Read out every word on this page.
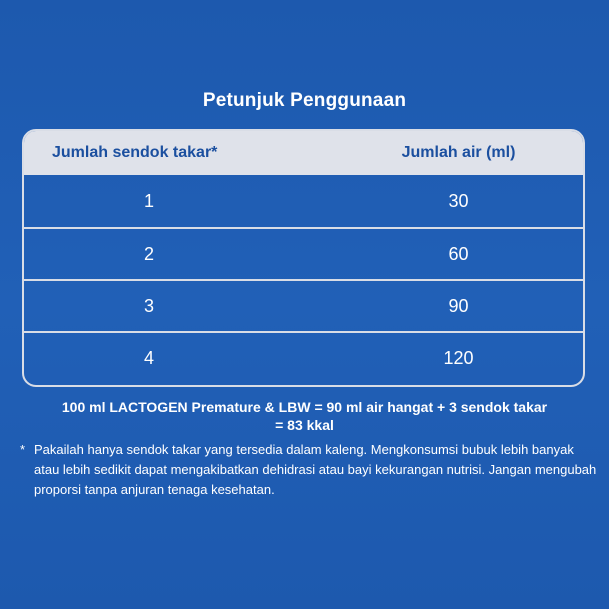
Petunjuk Penggunaan
Jumlah sendok takar*	Jumlah air (ml)
1	30
2	60
3	90
4	120
100 ml LACTOGEN Premature & LBW = 90 ml air hangat + 3 sendok takar
= 83 kkal
* Pakailah hanya sendok takar yang tersedia dalam kaleng. Mengkonsumsi bubuk lebih banyak atau lebih sedikit dapat mengakibatkan dehidrasi atau bayi kekurangan nutrisi. Jangan mengubah proporsi tanpa anjuran tenaga kesehatan.
